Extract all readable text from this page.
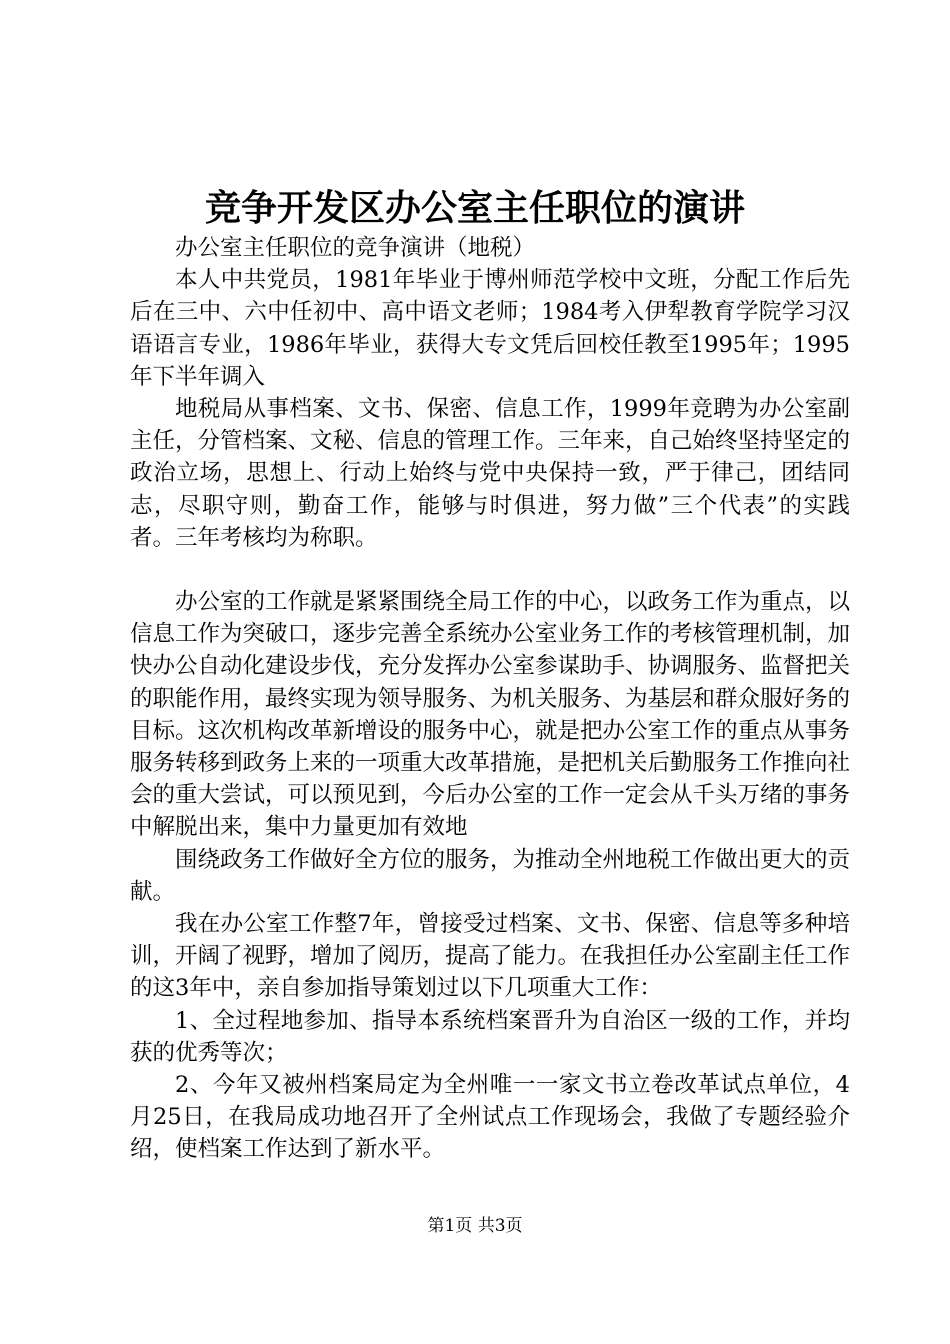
竞争开发区办公室主任职位的演讲

办公室主任职位的竞争演讲（地税）

本人中共党员，1981年毕业于博州师范学校中文班，分配工作后先后在三中、六中任初中、高中语文老师；1984考入伊犁教育学院学习汉语语言专业，1986年毕业，获得大专文凭后回校任教至1995年；1995年下半年调入

地税局从事档案、文书、保密、信息工作，1999年竞聘为办公室副主任，分管档案、文秘、信息的管理工作。三年来，自己始终坚持坚定的政治立场，思想上、行动上始终与党中央保持一致，严于律己，团结同志，尽职守则，勤奋工作，能够与时俱进，努力做”三个代表”的实践者。三年考核均为称职。

办公室的工作就是紧紧围绕全局工作的中心，以政务工作为重点，以信息工作为突破口，逐步完善全系统办公室业务工作的考核管理机制，加快办公自动化建设步伐，充分发挥办公室参谋助手、协调服务、监督把关的职能作用，最终实现为领导服务、为机关服务、为基层和群众服好务的目标。这次机构改革新增设的服务中心，就是把办公室工作的重点从事务服务转移到政务上来的一项重大改革措施，是把机关后勤服务工作推向社会的重大尝试，可以预见到，今后办公室的工作一定会从千头万绪的事务中解脱出来，集中力量更加有效地

围绕政务工作做好全方位的服务，为推动全州地税工作做出更大的贡献。

我在办公室工作整7年，曾接受过档案、文书、保密、信息等多种培训，开阔了视野，增加了阅历，提高了能力。在我担任办公室副主任工作的这3年中，亲自参加指导策划过以下几项重大工作：

1、全过程地参加、指导本系统档案晋升为自治区一级的工作，并均获的优秀等次；

2、今年又被州档案局定为全州唯一一家文书立卷改革试点单位，4月25日，在我局成功地召开了全州试点工作现场会，我做了专题经验介绍，使档案工作达到了新水平。

第1页 共3页
